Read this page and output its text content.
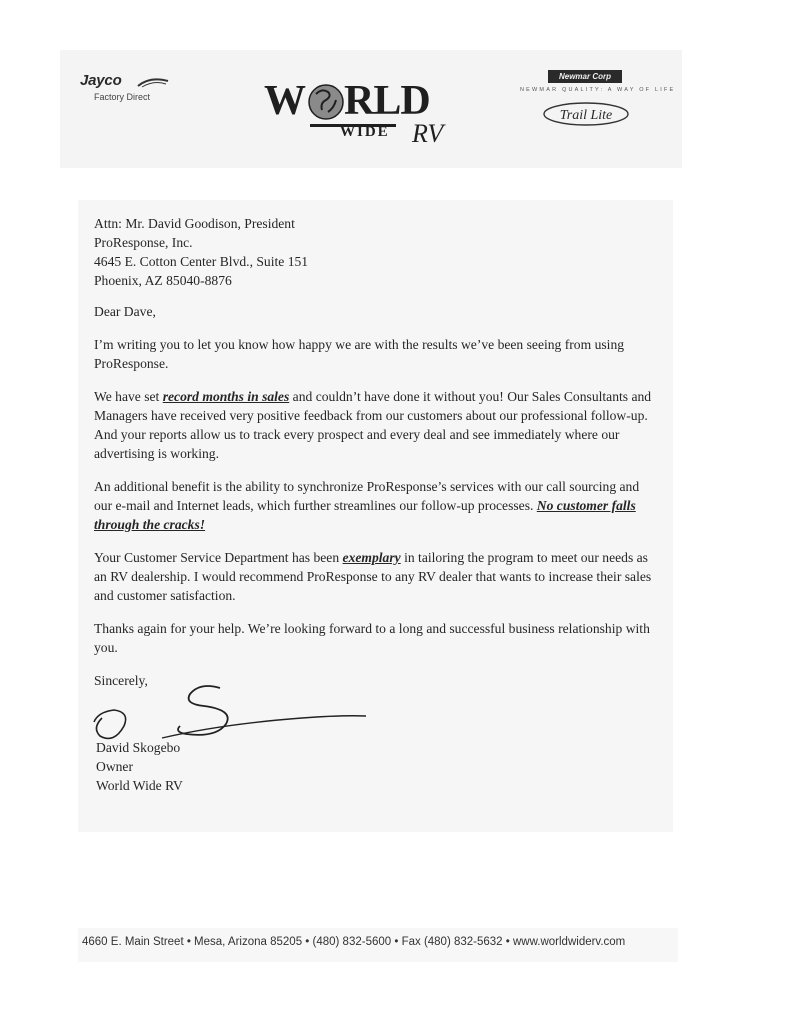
Jayco
Factory Direct	W RLD
WIDE RV
Newmar Corp
NEWMAR QUALITY: A WAY OF LIFE
Trail Lite

Attn: Mr. David Goodison, President

ProResponse, Inc.

4645 E. Cotton Center Blvd., Suite 151

Phoenix, AZ 85040-8876

Dear Dave,

I’m writing you to let you know how happy we are with the results we’ve been seeing from using ProResponse.

We have set record months in sales and couldn’t have done it without you! Our Sales Consultants and Managers have received very positive feedback from our customers about our professional follow-up. And your reports allow us to track every prospect and every deal and see immediately where our advertising is working.

An additional benefit is the ability to synchronize ProResponse’s services with our call sourcing and our e-mail and Internet leads, which further streamlines our follow-up processes. No customer falls through the cracks!

Your Customer Service Department has been exemplary in tailoring the program to meet our needs as an RV dealership. I would recommend ProResponse to any RV dealer that wants to increase their sales and customer satisfaction.

Thanks again for your help. We’re looking forward to a long and successful business relationship with you.

Sincerely,

David Skogebo

Owner

World Wide RV

4660 E. Main Street • Mesa, Arizona 85205 • (480) 832-5600 • Fax (480) 832-5632 • www.worldwiderv.com
